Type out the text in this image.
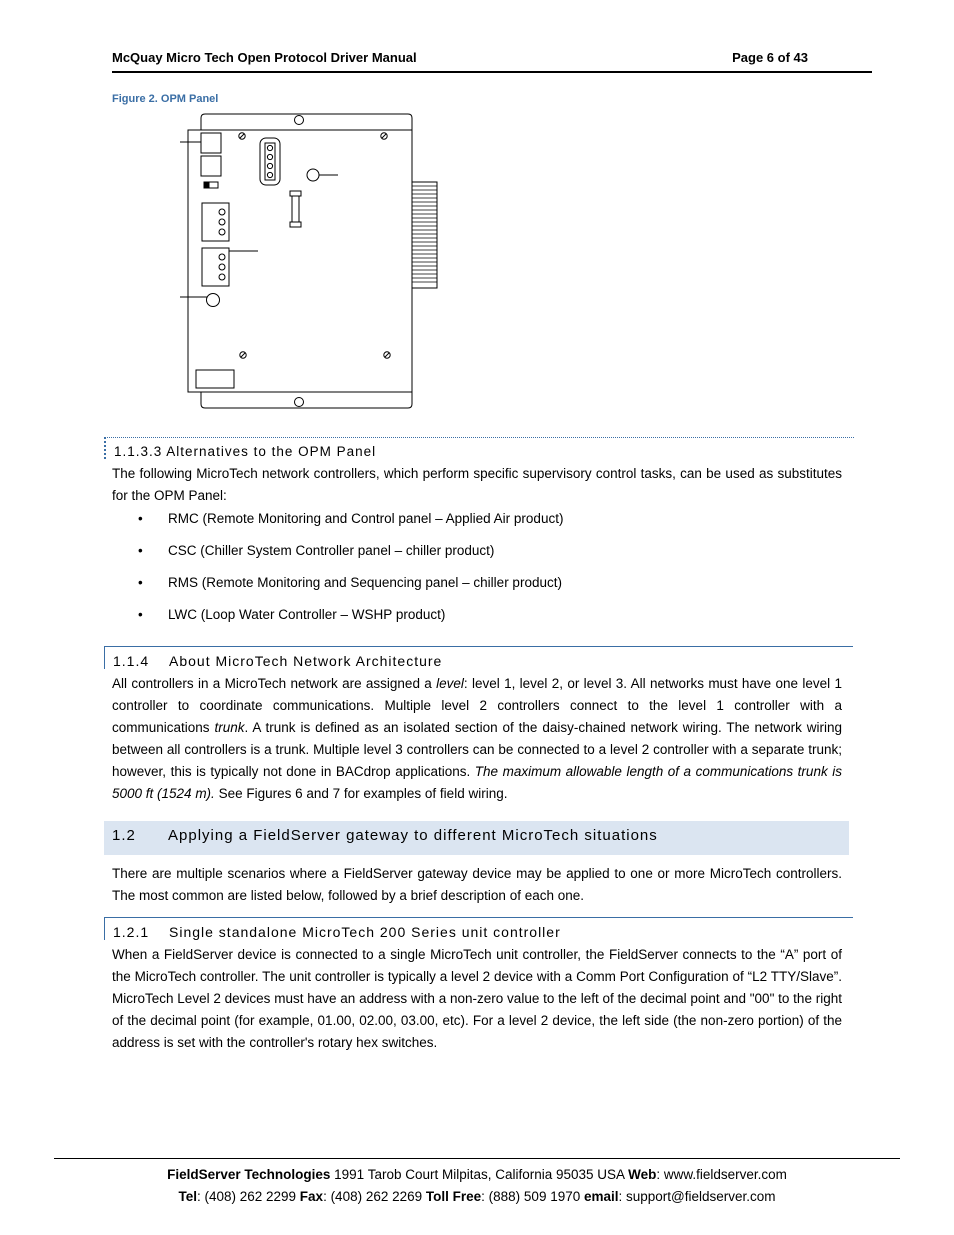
McQuay Micro Tech Open Protocol Driver Manual	Page 6 of 43
Figure 2. OPM Panel
1.1.3.3 Alternatives to the OPM Panel
The following MicroTech network controllers, which perform specific supervisory control tasks, can be used as substitutes for the OPM Panel:
• RMC (Remote Monitoring and Control panel – Applied Air product)
• CSC (Chiller System Controller panel – chiller product)
• RMS (Remote Monitoring and Sequencing panel – chiller product)
• LWC (Loop Water Controller – WSHP product)
1.1.4 About MicroTech Network Architecture
All controllers in a MicroTech network are assigned a level: level 1, level 2, or level 3. All networks must have one level 1 controller to coordinate communications. Multiple level 2 controllers connect to the level 1 controller with a communications trunk. A trunk is defined as an isolated section of the daisy-chained network wiring. The network wiring between all controllers is a trunk. Multiple level 3 controllers can be connected to a level 2 controller with a separate trunk; however, this is typically not done in BACdrop applications. The maximum allowable length of a communications trunk is 5000 ft (1524 m). See Figures 6 and 7 for examples of field wiring.
1.2 Applying a FieldServer gateway to different MicroTech situations
There are multiple scenarios where a FieldServer gateway device may be applied to one or more MicroTech controllers. The most common are listed below, followed by a brief description of each one.
1.2.1 Single standalone MicroTech 200 Series unit controller
When a FieldServer device is connected to a single MicroTech unit controller, the FieldServer connects to the “A” port of the MicroTech controller. The unit controller is typically a level 2 device with a Comm Port Configuration of “L2 TTY/Slave”. MicroTech Level 2 devices must have an address with a non-zero value to the left of the decimal point and "00" to the right of the decimal point (for example, 01.00, 02.00, 03.00, etc). For a level 2 device, the left side (the non-zero portion) of the address is set with the controller's rotary hex switches.
FieldServer Technologies 1991 Tarob Court Milpitas, California 95035 USA Web: www.fieldserver.com
Tel: (408) 262 2299 Fax: (408) 262 2269 Toll Free: (888) 509 1970 email: support@fieldserver.com
